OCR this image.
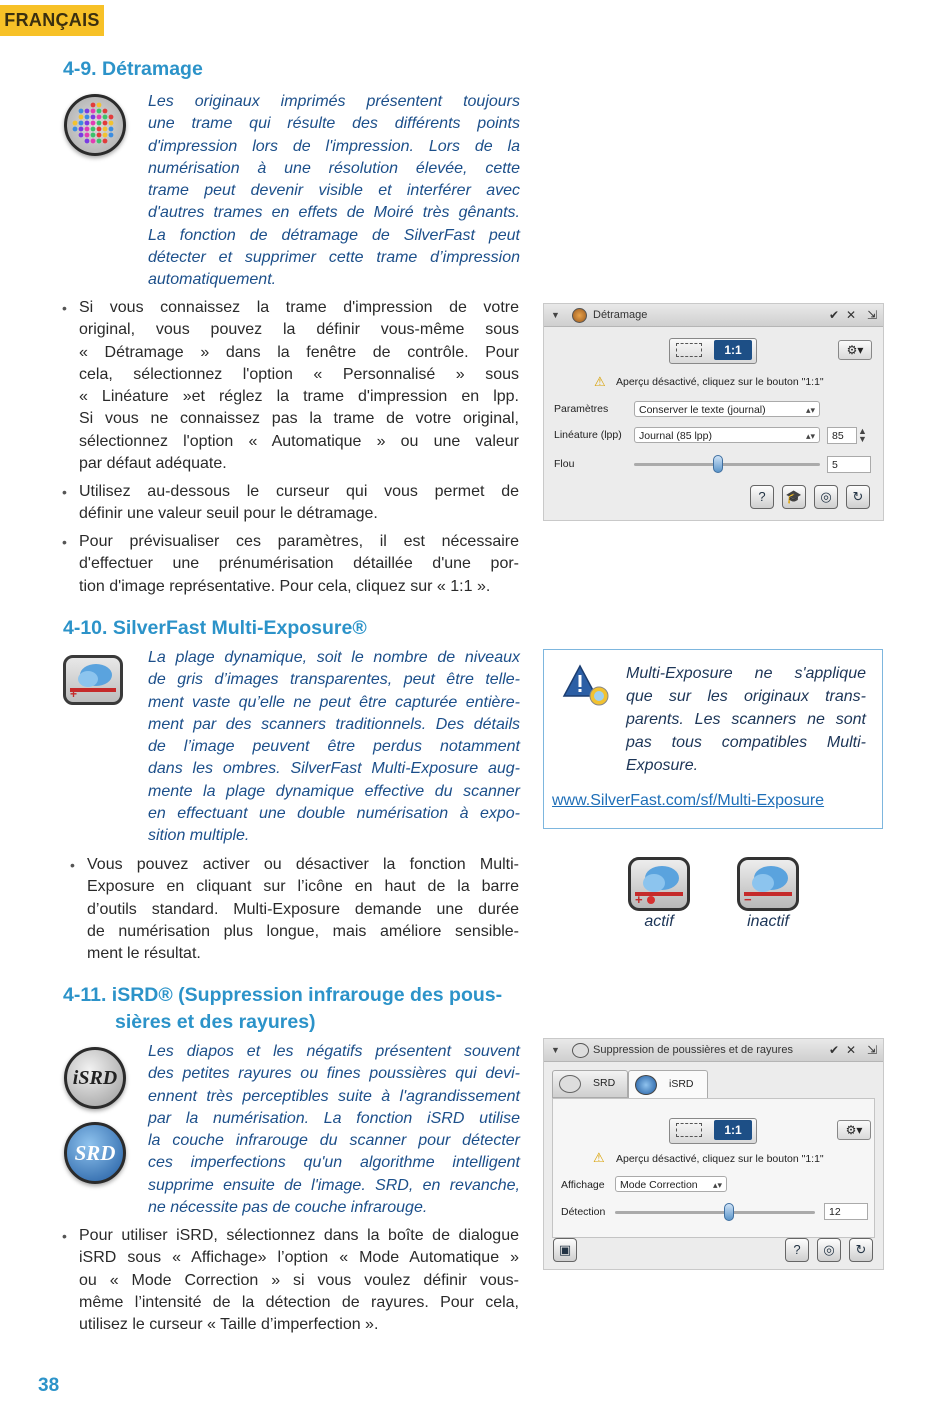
FRANÇAIS
4-9. Détramage
Les originaux imprimés présentent toujours
une trame qui résulte des différents points
d'impression lors de l'impression. Lors de la
numérisation à une résolution élevée, cette
trame peut devenir visible et interférer avec
d'autres trames en effets de Moiré très gênants.
La fonction de détramage de SilverFast peut
détecter et supprimer cette trame d’impression
automatiquement.
• Si vous connaissez la trame d'impression de votre
original, vous pouvez la définir vous-même sous
« Détramage » dans la fenêtre de contrôle. Pour
cela, sélectionnez l'option « Personnalisé » sous
« Linéature »et réglez la trame d'impression en lpp.
Si vous ne connaissez pas la trame de votre original,
sélectionnez l'option « Automatique » ou une valeur
par défaut adéquate.
• Utilisez au-dessous le curseur qui vous permet de
définir une valeur seuil pour le détramage.
• Pour prévisualiser ces paramètres, il est nécessaire
d'effectuer une prénumérisation détaillée d'une por-
tion d'image représentative. Pour cela, cliquez sur « 1:1 ».
▼	Détramage	✔ ✕ ⇲
1:1	⚙▾
⚠ Aperçu désactivé, cliquez sur le bouton "1:1"
Paramètres	Conserver le texte (journal)	▴▾
Linéature (lpp)	Journal (85 lpp)	▴▾	85	▲
▼
Flou	5
?	🎓	◎	↻
4-10. SilverFast Multi-Exposure®
+
La plage dynamique, soit le nombre de niveaux
de gris d’images transparentes, peut être telle-
ment vaste qu’elle ne peut être capturée entière-
ment par des scanners traditionnels. Des détails
de l’image peuvent être perdus notamment
dans les ombres. SilverFast Multi-Exposure aug-
mente la plage dynamique effective du scanner
en effectuant une double numérisation à expo-
sition multiple.
• Vous pouvez activer ou désactiver la fonction Multi-
Exposure en cliquant sur l’icône en haut de la barre
d’outils standard. Multi-Exposure demande une durée
de numérisation plus longue, mais améliore sensible-
ment le résultat.
Multi-Exposure ne s'applique
que sur les originaux trans-
parents. Les scanners ne sont
pas tous compatibles Multi-
Exposure.
www.SilverFast.com/sf/Multi-Exposure
+	−
actif	inactif
4-11. iSRD® (Suppression infrarouge des pous-
sières et des rayures)
iSRD
SRD
Les diapos et les négatifs présentent souvent
des petites rayures ou fines poussières qui devi-
ennent très perceptibles suite à l'agrandissement
par la numérisation. La fonction iSRD utilise
la couche infrarouge du scanner pour détecter
ces imperfections qu'un algorithme intelligent
supprime ensuite de l'image. SRD, en revanche,
ne nécessite pas de couche infrarouge.
• Pour utiliser iSRD, sélectionnez dans la boîte de dialogue
iSRD sous « Affichage» l’option « Mode Automatique »
ou « Mode Correction » si vous voulez définir vous-
même l’intensité de la détection de rayures. Pour cela,
utilisez le curseur « Taille d’imperfection ».
▼	Suppression de poussières et de rayures	✔ ✕ ⇲
SRD	iSRD
1:1	⚙▾
⚠ Aperçu désactivé, cliquez sur le bouton "1:1"
Affichage	Mode Correction ▴▾
Détection	12
▣	?	◎	↻
38
